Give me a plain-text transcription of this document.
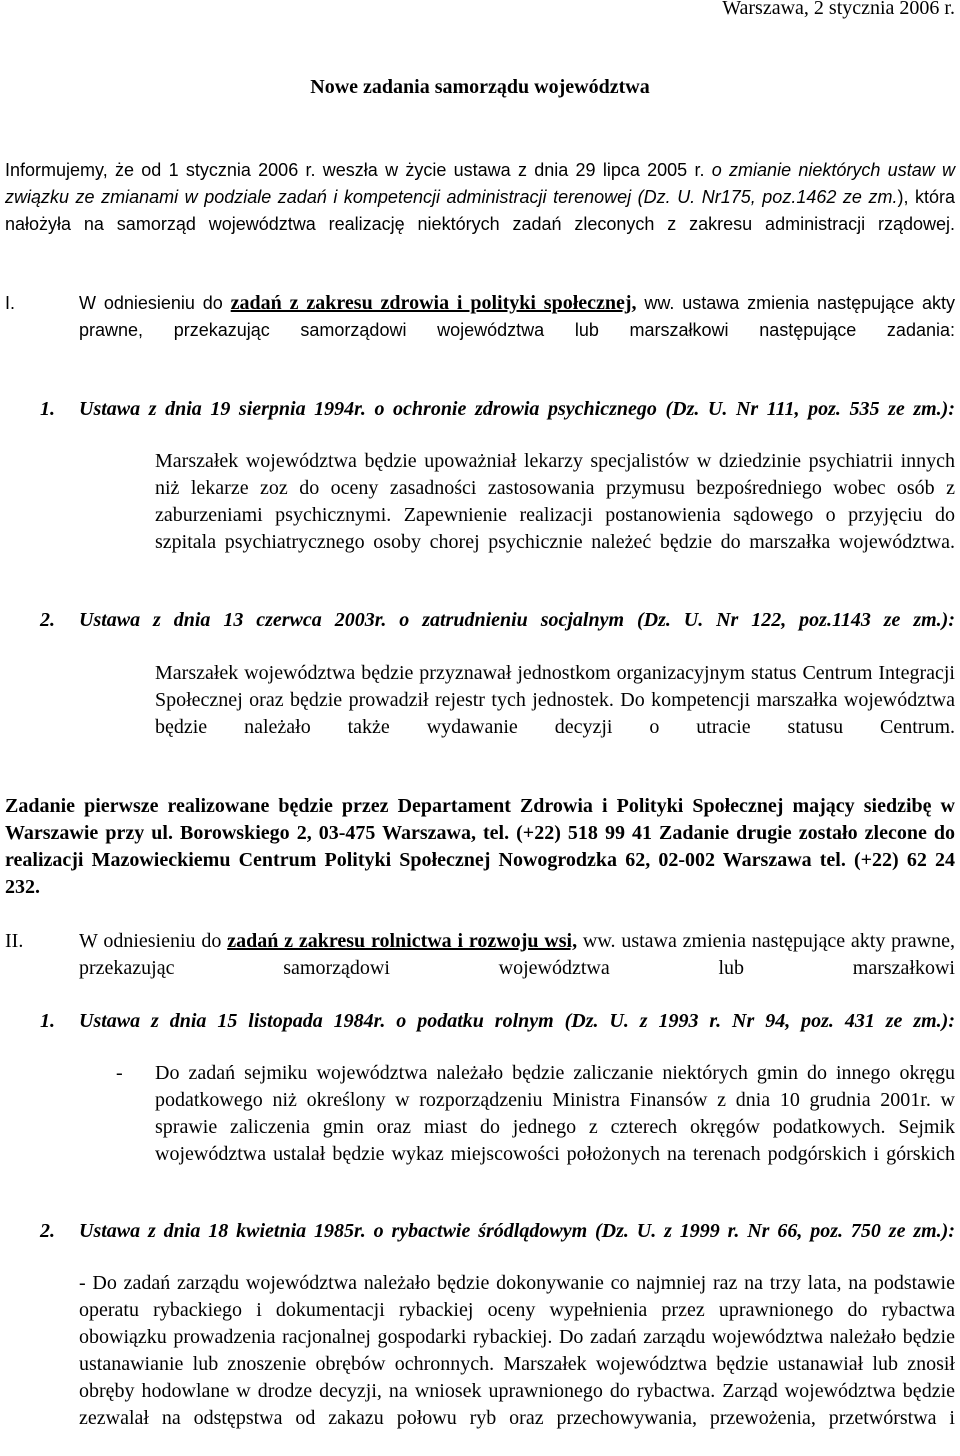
Warszawa, 2 stycznia 2006 r.
Nowe zadania samorządu województwa
Informujemy, że od 1 stycznia 2006 r. weszła w życie ustawa z dnia 29 lipca 2005 r. o zmianie niektórych ustaw w związku ze zmianami w podziale zadań i kompetencji administracji terenowej (Dz. U. Nr175, poz.1462 ze zm.), która nałożyła na samorząd województwa realizację niektórych zadań zleconych z zakresu administracji rządowej.
I.	W odniesieniu do zadań z zakresu zdrowia i polityki społecznej, ww. ustawa zmienia następujące akty prawne, przekazując samorządowi województwa lub marszałkowi następujące zadania:
1.	Ustawa z dnia 19 sierpnia 1994r. o ochronie zdrowia psychicznego (Dz. U. Nr 111, poz. 535 ze zm.):
Marszałek województwa będzie upoważniał lekarzy specjalistów w dziedzinie psychiatrii innych niż lekarze zoz do oceny zasadności zastosowania przymusu bezpośredniego wobec osób z zaburzeniami psychicznymi. Zapewnienie realizacji postanowienia sądowego o przyjęciu do szpitala psychiatrycznego osoby chorej psychicznie należeć będzie do marszałka województwa.
2.	Ustawa z dnia 13 czerwca 2003r. o zatrudnieniu socjalnym (Dz. U. Nr 122, poz.1143 ze zm.):
Marszałek województwa będzie przyznawał jednostkom organizacyjnym status Centrum Integracji Społecznej oraz będzie prowadził rejestr tych jednostek. Do kompetencji marszałka województwa będzie należało także wydawanie decyzji o utracie statusu Centrum.
Zadanie pierwsze realizowane będzie przez Departament Zdrowia i Polityki Społecznej mający siedzibę w Warszawie przy ul. Borowskiego 2, 03-475 Warszawa, tel. (+22) 518 99 41 Zadanie drugie zostało zlecone do realizacji Mazowieckiemu Centrum Polityki Społecznej Nowogrodzka 62, 02-002 Warszawa tel. (+22) 62 24 232.
II.	W odniesieniu do zadań z zakresu rolnictwa i rozwoju wsi, ww. ustawa zmienia następujące akty prawne, przekazując samorządowi województwa lub marszałkowi
1.	Ustawa z dnia 15 listopada 1984r. o podatku rolnym (Dz. U. z 1993 r. Nr 94, poz. 431 ze zm.):
-	Do zadań sejmiku województwa należało będzie zaliczanie niektórych gmin do innego okręgu podatkowego niż określony w rozporządzeniu Ministra Finansów z dnia 10 grudnia 2001r. w sprawie zaliczenia gmin oraz miast do jednego z czterech okręgów podatkowych. Sejmik województwa ustalał będzie wykaz miejscowości położonych na terenach podgórskich i górskich
2.	Ustawa z dnia 18 kwietnia 1985r. o rybactwie śródlądowym (Dz. U. z 1999 r. Nr 66, poz. 750 ze zm.):
- Do zadań zarządu województwa należało będzie dokonywanie co najmniej raz na trzy lata, na podstawie operatu rybackiego i dokumentacji rybackiej oceny wypełnienia przez uprawnionego do rybactwa obowiązku prowadzenia racjonalnej gospodarki rybackiej. Do zadań zarządu województwa należało będzie ustanawianie lub znoszenie obrębów ochronnych. Marszałek województwa będzie ustanawiał lub znosił obręby hodowlane w drodze decyzji, na wniosek uprawnionego do rybactwa. Zarząd województwa będzie zezwalał na odstępstwa od zakazu połowu ryb oraz przechowywania, przewożenia, przetwórstwa i
